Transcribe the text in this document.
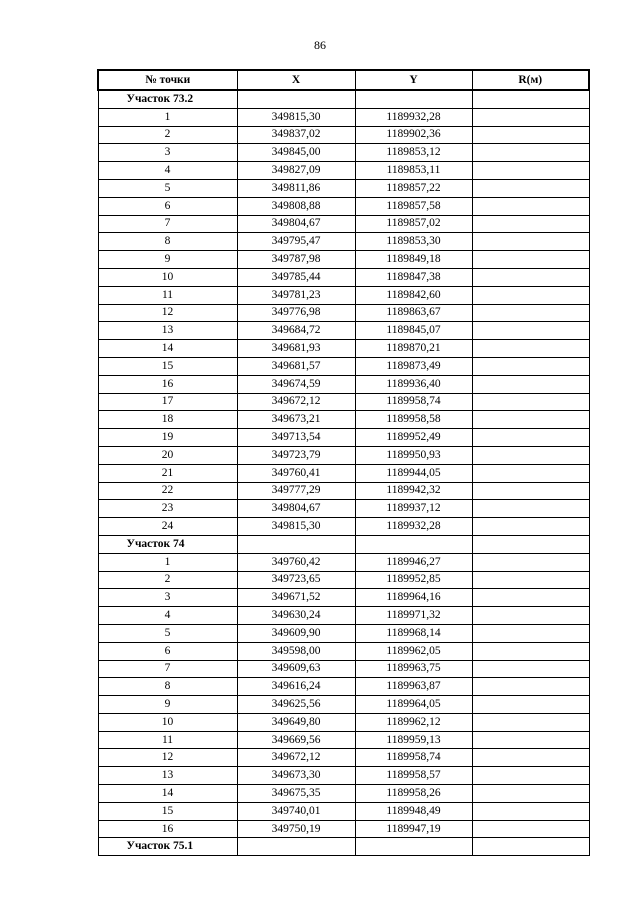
86
№ точки	X	Y	R(м)
Участок 73.2			
1	349815,30	1189932,28	
2	349837,02	1189902,36	
3	349845,00	1189853,12	
4	349827,09	1189853,11	
5	349811,86	1189857,22	
6	349808,88	1189857,58	
7	349804,67	1189857,02	
8	349795,47	1189853,30	
9	349787,98	1189849,18	
10	349785,44	1189847,38	
11	349781,23	1189842,60	
12	349776,98	1189863,67	
13	349684,72	1189845,07	
14	349681,93	1189870,21	
15	349681,57	1189873,49	
16	349674,59	1189936,40	
17	349672,12	1189958,74	
18	349673,21	1189958,58	
19	349713,54	1189952,49	
20	349723,79	1189950,93	
21	349760,41	1189944,05	
22	349777,29	1189942,32	
23	349804,67	1189937,12	
24	349815,30	1189932,28	
Участок 74			
1	349760,42	1189946,27	
2	349723,65	1189952,85	
3	349671,52	1189964,16	
4	349630,24	1189971,32	
5	349609,90	1189968,14	
6	349598,00	1189962,05	
7	349609,63	1189963,75	
8	349616,24	1189963,87	
9	349625,56	1189964,05	
10	349649,80	1189962,12	
11	349669,56	1189959,13	
12	349672,12	1189958,74	
13	349673,30	1189958,57	
14	349675,35	1189958,26	
15	349740,01	1189948,49	
16	349750,19	1189947,19	
Участок 75.1			
